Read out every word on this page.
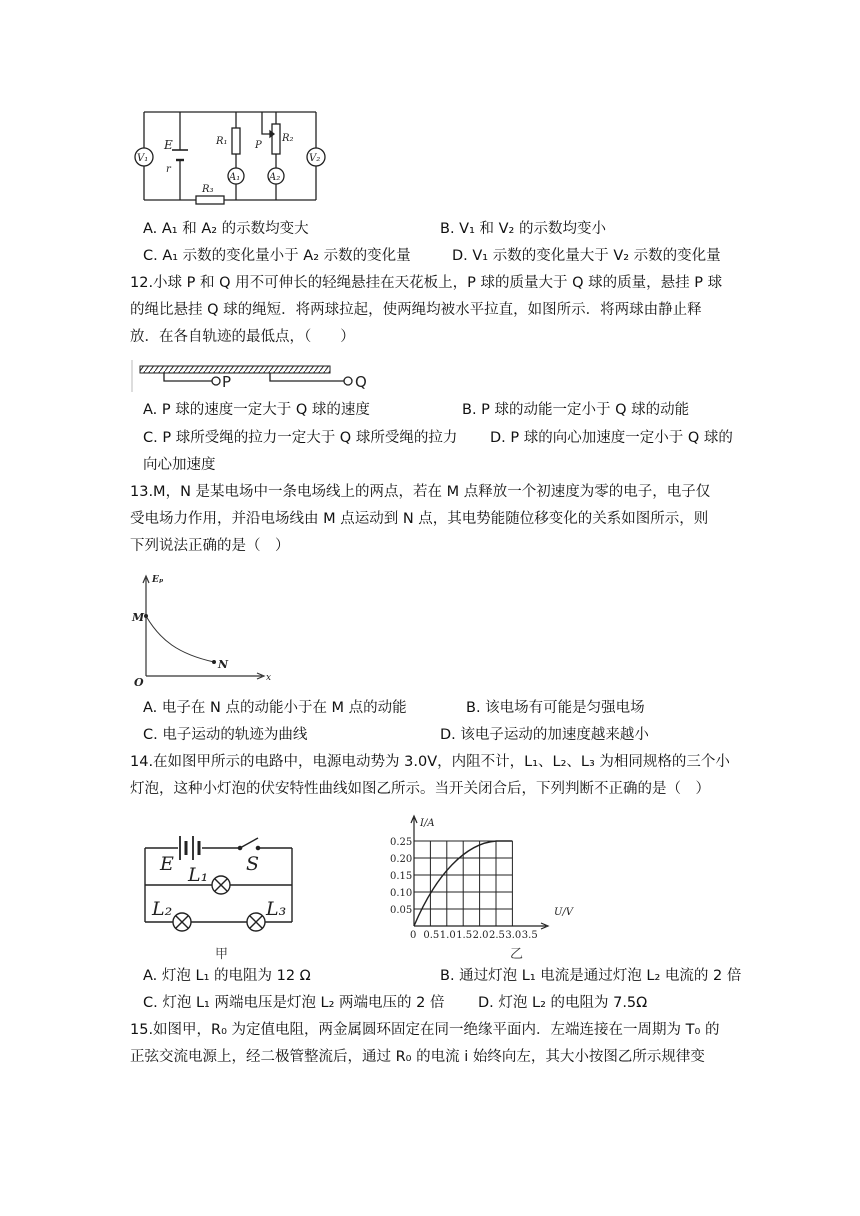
V₁	V₂
E
r
R₁	R₂
R₃
A₁	A₂
P
A. A₁ 和 A₂ 的示数均变大	B. V₁ 和 V₂ 的示数均变小
C. A₁ 示数的变化量小于 A₂ 示数的变化量	D. V₁ 示数的变化量大于 V₂ 示数的变化量
12.小球 P 和 Q 用不可伸长的轻绳悬挂在天花板上，P 球的质量大于 Q 球的质量，悬挂 P 球
的绳比悬挂 Q 球的绳短．将两球拉起，使两绳均被水平拉直，如图所示．将两球由静止释
放．在各自轨迹的最低点，（　　）
P	Q
A. P 球的速度一定大于 Q 球的速度	B. P 球的动能一定小于 Q 球的动能
C. P 球所受绳的拉力一定大于 Q 球所受绳的拉力 D. P 球的向心加速度一定小于 Q 球的
向心加速度
13.M，N 是某电场中一条电场线上的两点，若在 M 点释放一个初速度为零的电子，电子仅
受电场力作用，并沿电场线由 M 点运动到 N 点，其电势能随位移变化的关系如图所示，则
下列说法正确的是（　）
Eₚ
x
O
M
N
A. 电子在 N 点的动能小于在 M 点的动能	B. 该电场有可能是匀强电场
C. 电子运动的轨迹为曲线	D. 该电子运动的加速度越来越小
14.在如图甲所示的电路中，电源电动势为 3.0V，内阻不计，L₁、L₂、L₃ 为相同规格的三个小
灯泡，这种小灯泡的伏安特性曲线如图乙所示。当开关闭合后，下列判断不正确的是（　）
E	S
L₁
L₂	L₃
甲
0.25
0.20
0.15
0.10
0.05
0 0.5 1.0 1.5 2.0 2.5 3.0 3.5
I/A
U/V
乙
A. 灯泡 L₁ 的电阻为 12 Ω	B. 通过灯泡 L₁ 电流是通过灯泡 L₂ 电流的 2 倍
C. 灯泡 L₁ 两端电压是灯泡 L₂ 两端电压的 2 倍 D. 灯泡 L₂ 的电阻为 7.5Ω
15.如图甲，R₀ 为定值电阻，两金属圆环固定在同一绝缘平面内．左端连接在一周期为 T₀ 的
正弦交流电源上，经二极管整流后，通过 R₀ 的电流 i 始终向左，其大小按图乙所示规律变
